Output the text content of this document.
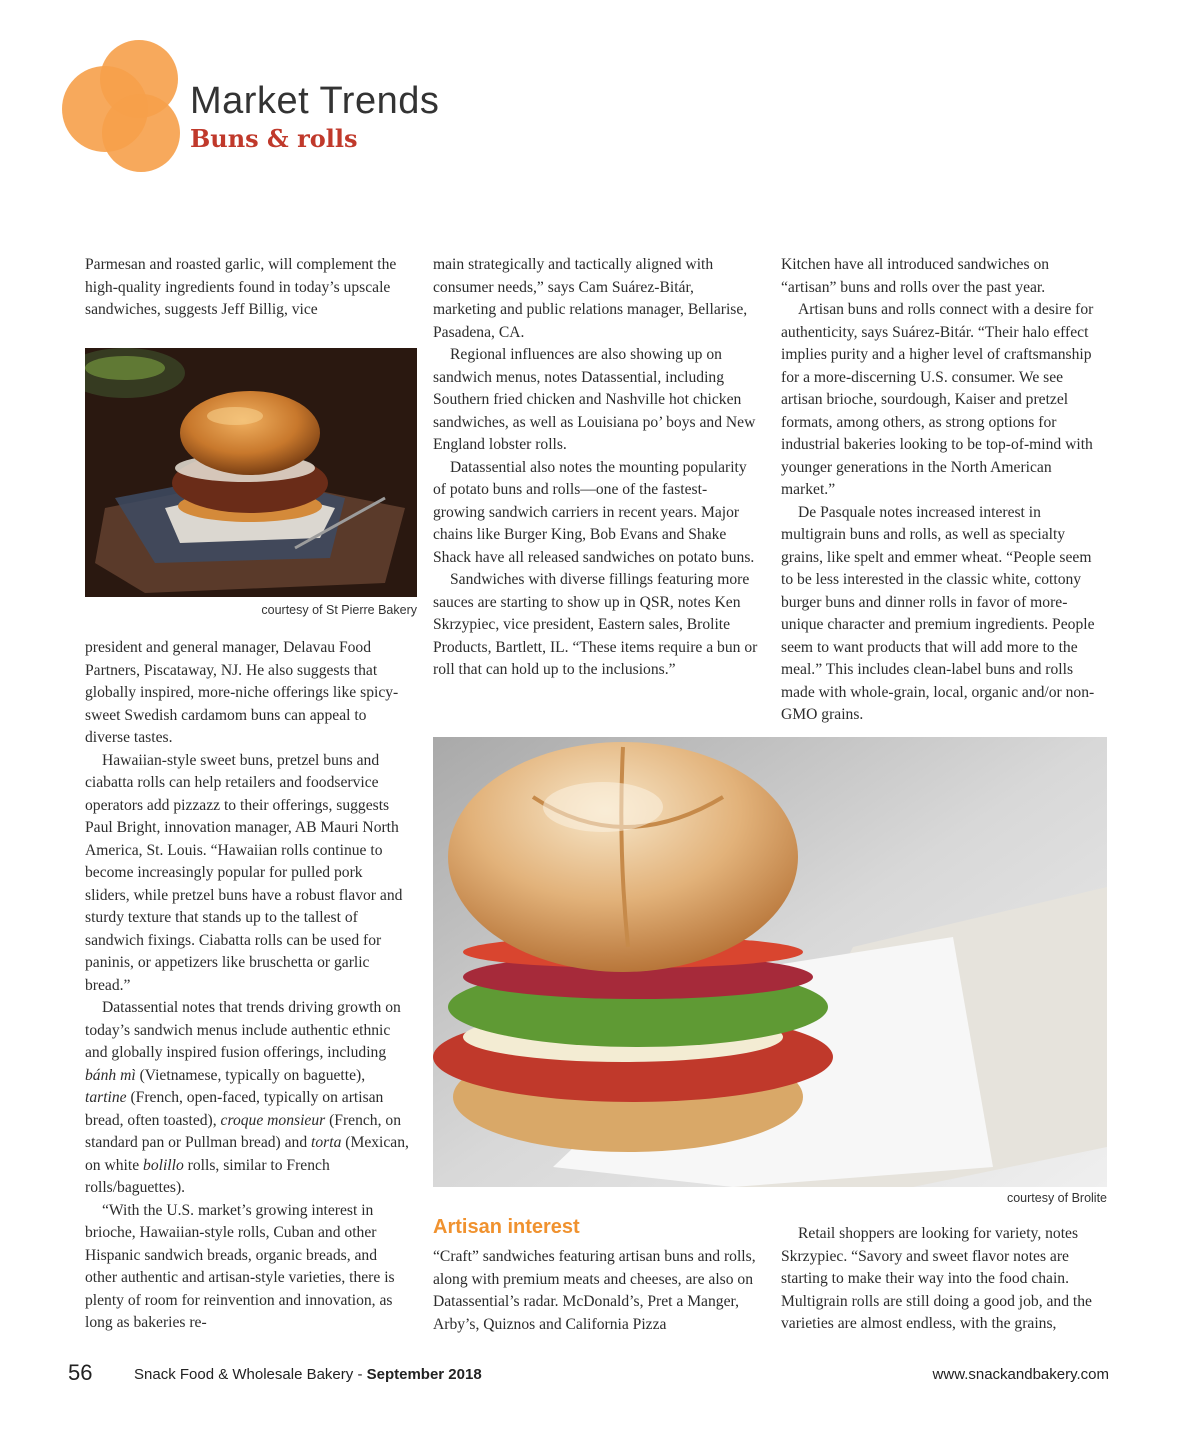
Market Trends
Buns & rolls

Parmesan and roasted garlic, will complement the high-quality ingredients found in today’s upscale sandwiches, suggests Jeff Billig, vice

courtesy of St Pierre Bakery

president and general manager, Delavau Food Partners, Piscataway, NJ. He also suggests that globally inspired, more-niche offerings like spicy-sweet Swedish cardamom buns can appeal to diverse tastes.

Hawaiian-style sweet buns, pretzel buns and ciabatta rolls can help retailers and foodservice operators add pizzazz to their offerings, suggests Paul Bright, innovation manager, AB Mauri North America, St. Louis. “Hawaiian rolls continue to become increasingly popular for pulled pork sliders, while pretzel buns have a robust flavor and sturdy texture that stands up to the tallest of sandwich fixings. Ciabatta rolls can be used for paninis, or appetizers like bruschetta or garlic bread.”

Datassential notes that trends driving growth on today’s sandwich menus include authentic ethnic and globally inspired fusion offerings, including bánh mì (Vietnamese, typically on baguette), tartine (French, open-faced, typically on artisan bread, often toasted), croque monsieur (French, on standard pan or Pullman bread) and torta (Mexican, on white bolillo rolls, similar to French rolls/baguettes).

“With the U.S. market’s growing interest in brioche, Hawaiian-style rolls, Cuban and other Hispanic sandwich breads, organic breads, and other authentic and artisan-style varieties, there is plenty of room for reinvention and innovation, as long as bakeries re-

main strategically and tactically aligned with consumer needs,” says Cam Suárez-Bitár, marketing and public relations manager, Bellarise, Pasadena, CA.

Regional influences are also showing up on sandwich menus, notes Datassential, including Southern fried chicken and Nashville hot chicken sandwiches, as well as Louisiana po’ boys and New England lobster rolls.

Datassential also notes the mounting popularity of potato buns and rolls—one of the fastest-growing sandwich carriers in recent years. Major chains like Burger King, Bob Evans and Shake Shack have all released sandwiches on potato buns.

Sandwiches with diverse fillings featuring more sauces are starting to show up in QSR, notes Ken Skrzypiec, vice president, Eastern sales, Brolite Products, Bartlett, IL. “These items require a bun or roll that can hold up to the inclusions.”

Kitchen have all introduced sandwiches on “artisan” buns and rolls over the past year.

Artisan buns and rolls connect with a desire for authenticity, says Suárez-Bitár. “Their halo effect implies purity and a higher level of craftsmanship for a more-discerning U.S. consumer. We see artisan brioche, sourdough, Kaiser and pretzel formats, among others, as strong options for industrial bakeries looking to be top-of-mind with younger generations in the North American market.”

De Pasquale notes increased interest in multigrain buns and rolls, as well as specialty grains, like spelt and emmer wheat. “People seem to be less interested in the classic white, cottony burger buns and dinner rolls in favor of more-unique character and premium ingredients. People seem to want products that will add more to the meal.” This includes clean-label buns and rolls made with whole-grain, local, organic and/or non-GMO grains.

courtesy of Brolite
Artisan interest

“Craft” sandwiches featuring artisan buns and rolls, along with premium meats and cheeses, are also on Datassential’s radar. McDonald’s, Pret a Manger, Arby’s, Quiznos and California Pizza

Retail shoppers are looking for variety, notes Skrzypiec. “Savory and sweet flavor notes are starting to make their way into the food chain. Multigrain rolls are still doing a good job, and the varieties are almost endless, with the grains,

56	Snack Food & Wholesale Bakery - September 2018	www.snackandbakery.com
